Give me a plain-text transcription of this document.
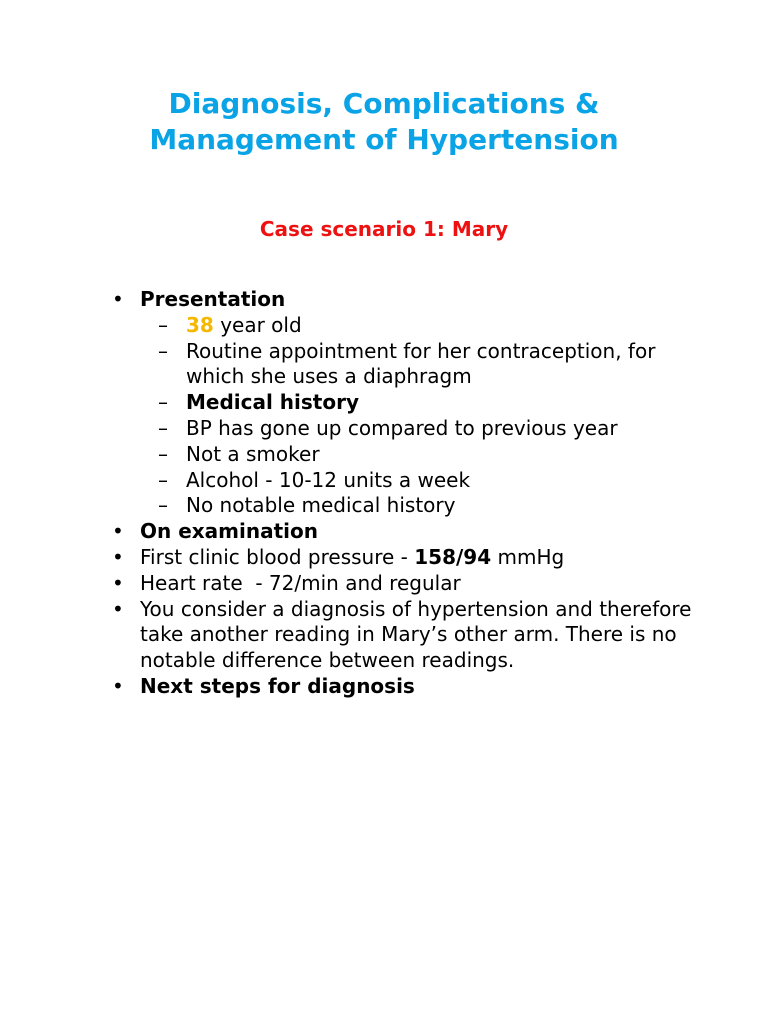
Diagnosis, Complications &
Management of Hypertension
Case scenario 1: Mary
• Presentation
– 38 year old
– Routine appointment for her contraception, for which she uses a diaphragm
– Medical history
– BP has gone up compared to previous year
– Not a smoker
– Alcohol - 10-12 units a week
– No notable medical history
• On examination
• First clinic blood pressure - 158/94 mmHg
• Heart rate  - 72/min and regular
• You consider a diagnosis of hypertension and therefore take another reading in Mary’s other arm. There is no notable difference between readings.
• Next steps for diagnosis
